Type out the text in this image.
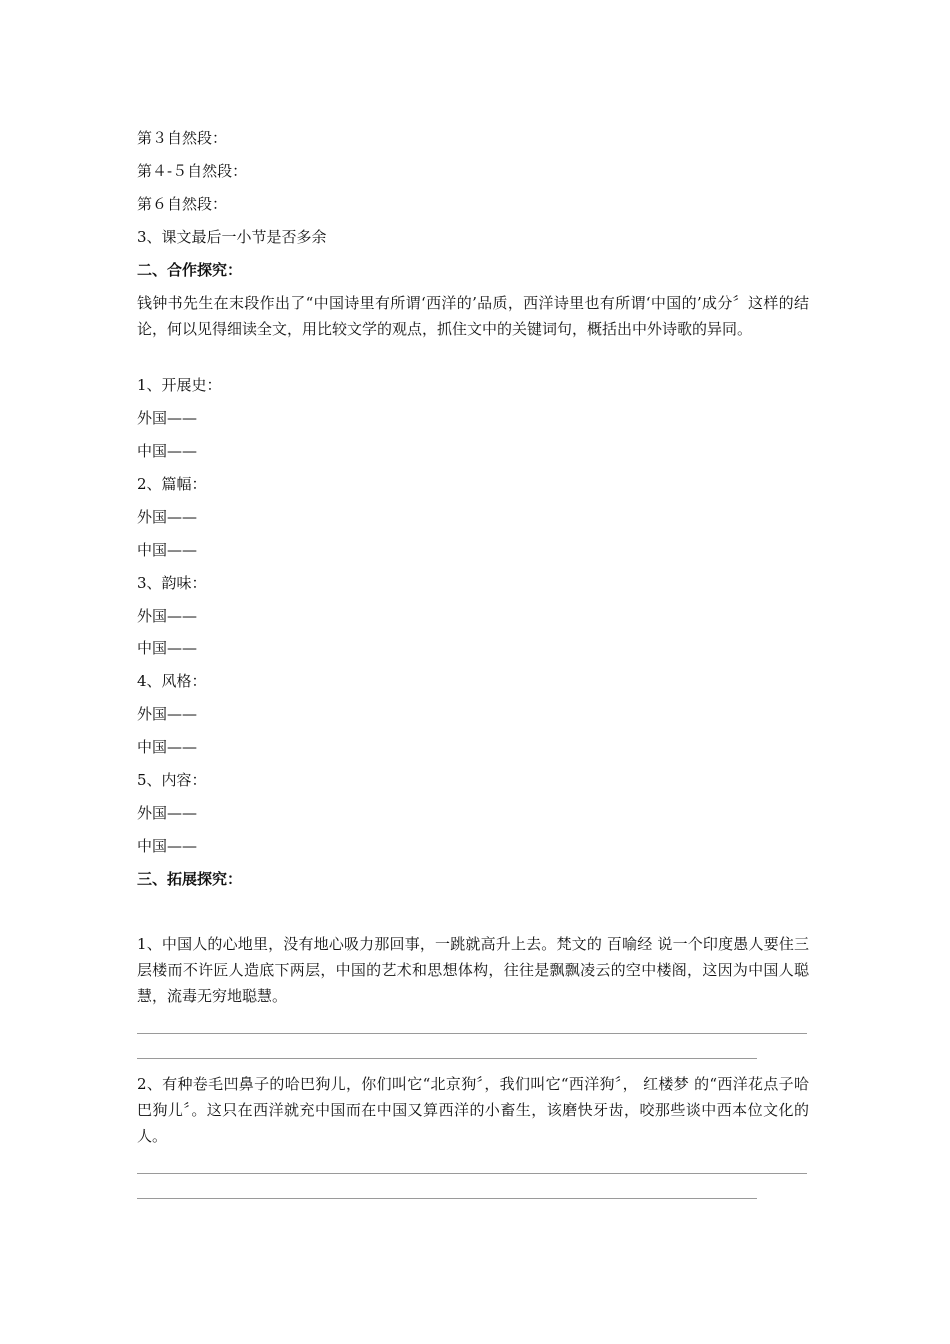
第３自然段：
第４-５自然段：
第６自然段：
3、课文最后一小节是否多余
二、合作探究：
钱钟书先生在末段作出了“中国诗里有所谓‘西洋的’品质，西洋诗里也有所谓‘中国的’成分〞这样的结论，何以见得细读全文，用比较文学的观点，抓住文中的关键词句，概括出中外诗歌的异同。
1、开展史：
外国——
中国——
2、篇幅：
外国——
中国——
3、韵味：
外国——
中国——
4、风格：
外国——
中国——
5、内容：
外国——
中国——
三、拓展探究：
1、中国人的心地里，没有地心吸力那回事，一跳就高升上去。梵文的 百喻经 说一个印度愚人要住三层楼而不许匠人造底下两层，中国的艺术和思想体构，往往是飘飘凌云的空中楼阁，这因为中国人聪慧，流毒无穷地聪慧。
2、有种卷毛凹鼻子的哈巴狗儿，你们叫它“北京狗〞，我们叫它“西洋狗〞， 红楼梦 的“西洋花点子哈巴狗儿〞。这只在西洋就充中国而在中国又算西洋的小畜生，该磨快牙齿，咬那些谈中西本位文化的人。
